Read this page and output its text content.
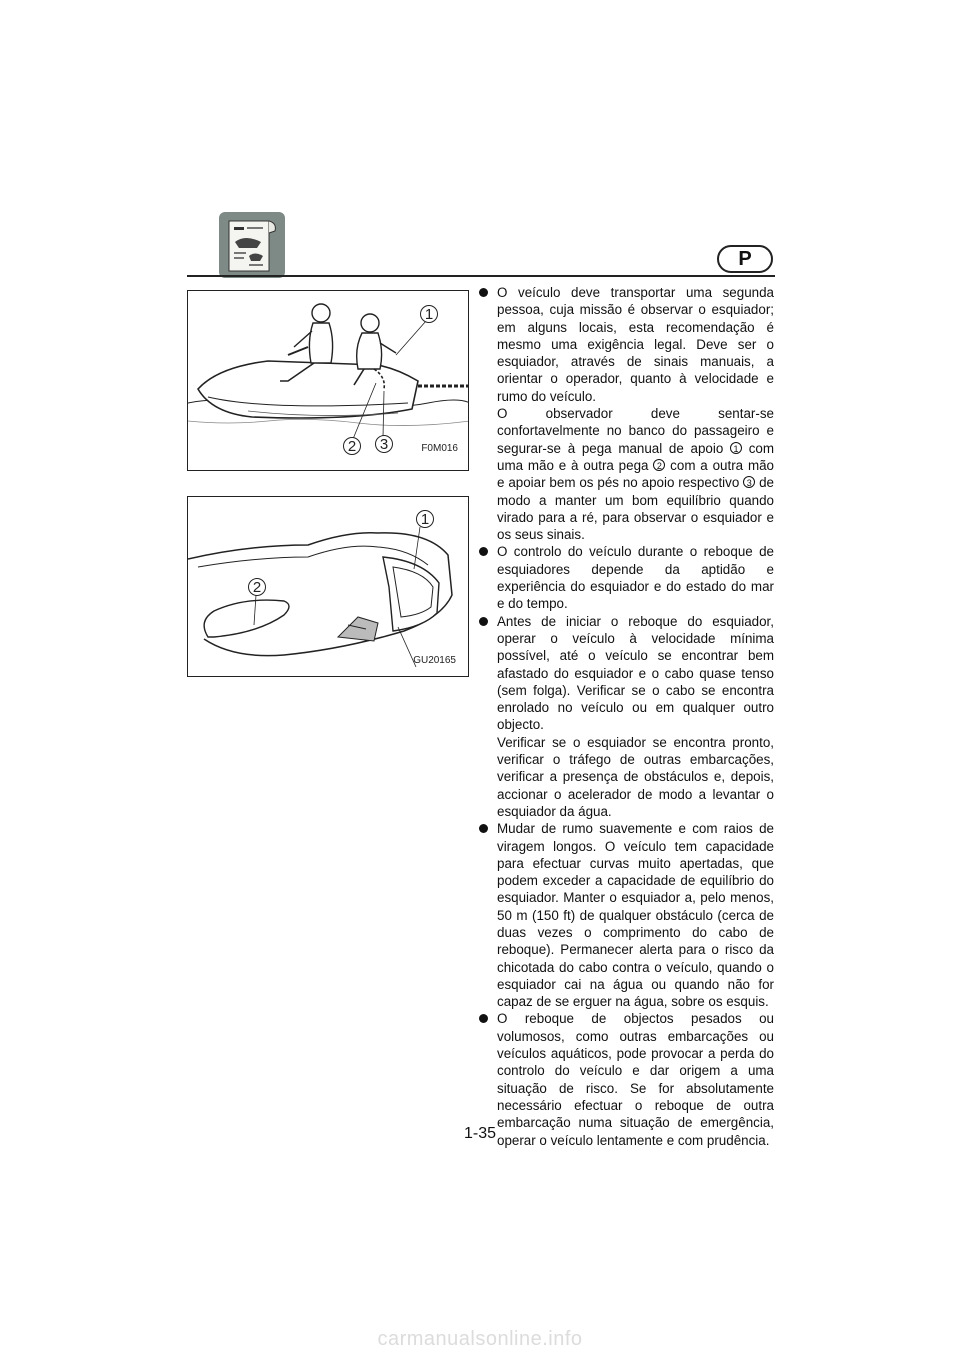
P
1
2	3	F0M016
1
2
GU20165

O veículo deve transportar uma segunda pessoa, cuja missão é observar o esquiador; em alguns locais, esta recomendação é mesmo uma exigência legal. Deve ser o esquiador, através de sinais manuais, a orientar o operador, quanto à velocidade e rumo do veículo.

O observador deve sentar-se confortavelmente no banco do passageiro e segurar-se à pega manual de apoio 1 com uma mão e à outra pega 2 com a outra mão e apoiar bem os pés no apoio respectivo 3 de modo a manter um bom equilíbrio quando virado para a ré, para observar o esquiador e os seus sinais.

O controlo do veículo durante o reboque de esquiadores depende da aptidão e experiência do esquiador e do estado do mar e do tempo.

Antes de iniciar o reboque do esquiador, operar o veículo à velocidade mínima possível, até o veículo se encontrar bem afastado do esquiador e o cabo quase tenso (sem folga). Verificar se o cabo se encontra enrolado no veículo ou em qualquer outro objecto.

Verificar se o esquiador se encontra pronto, verificar o tráfego de outras embarcações, verificar a presença de obstáculos e, depois, accionar o acelerador de modo a levantar o esquiador da água.

Mudar de rumo suavemente e com raios de viragem longos. O veículo tem capacidade para efectuar curvas muito apertadas, que podem exceder a capacidade de equilíbrio do esquiador. Manter o esquiador a, pelo menos, 50 m (150 ft) de qualquer obstáculo (cerca de duas vezes o comprimento do cabo de reboque). Permanecer alerta para o risco da chicotada do cabo contra o veículo, quando o esquiador cai na água ou quando não for capaz de se erguer na água, sobre os esquis.

O reboque de objectos pesados ou volumosos, como outras embarcações ou veículos aquáticos, pode provocar a perda do controlo do veículo e dar origem a uma situação de risco. Se for absolutamente necessário efectuar o reboque de outra embarcação numa situação de emergência, operar o veículo lentamente e com prudência.

1-35
carmanualsonline.info
